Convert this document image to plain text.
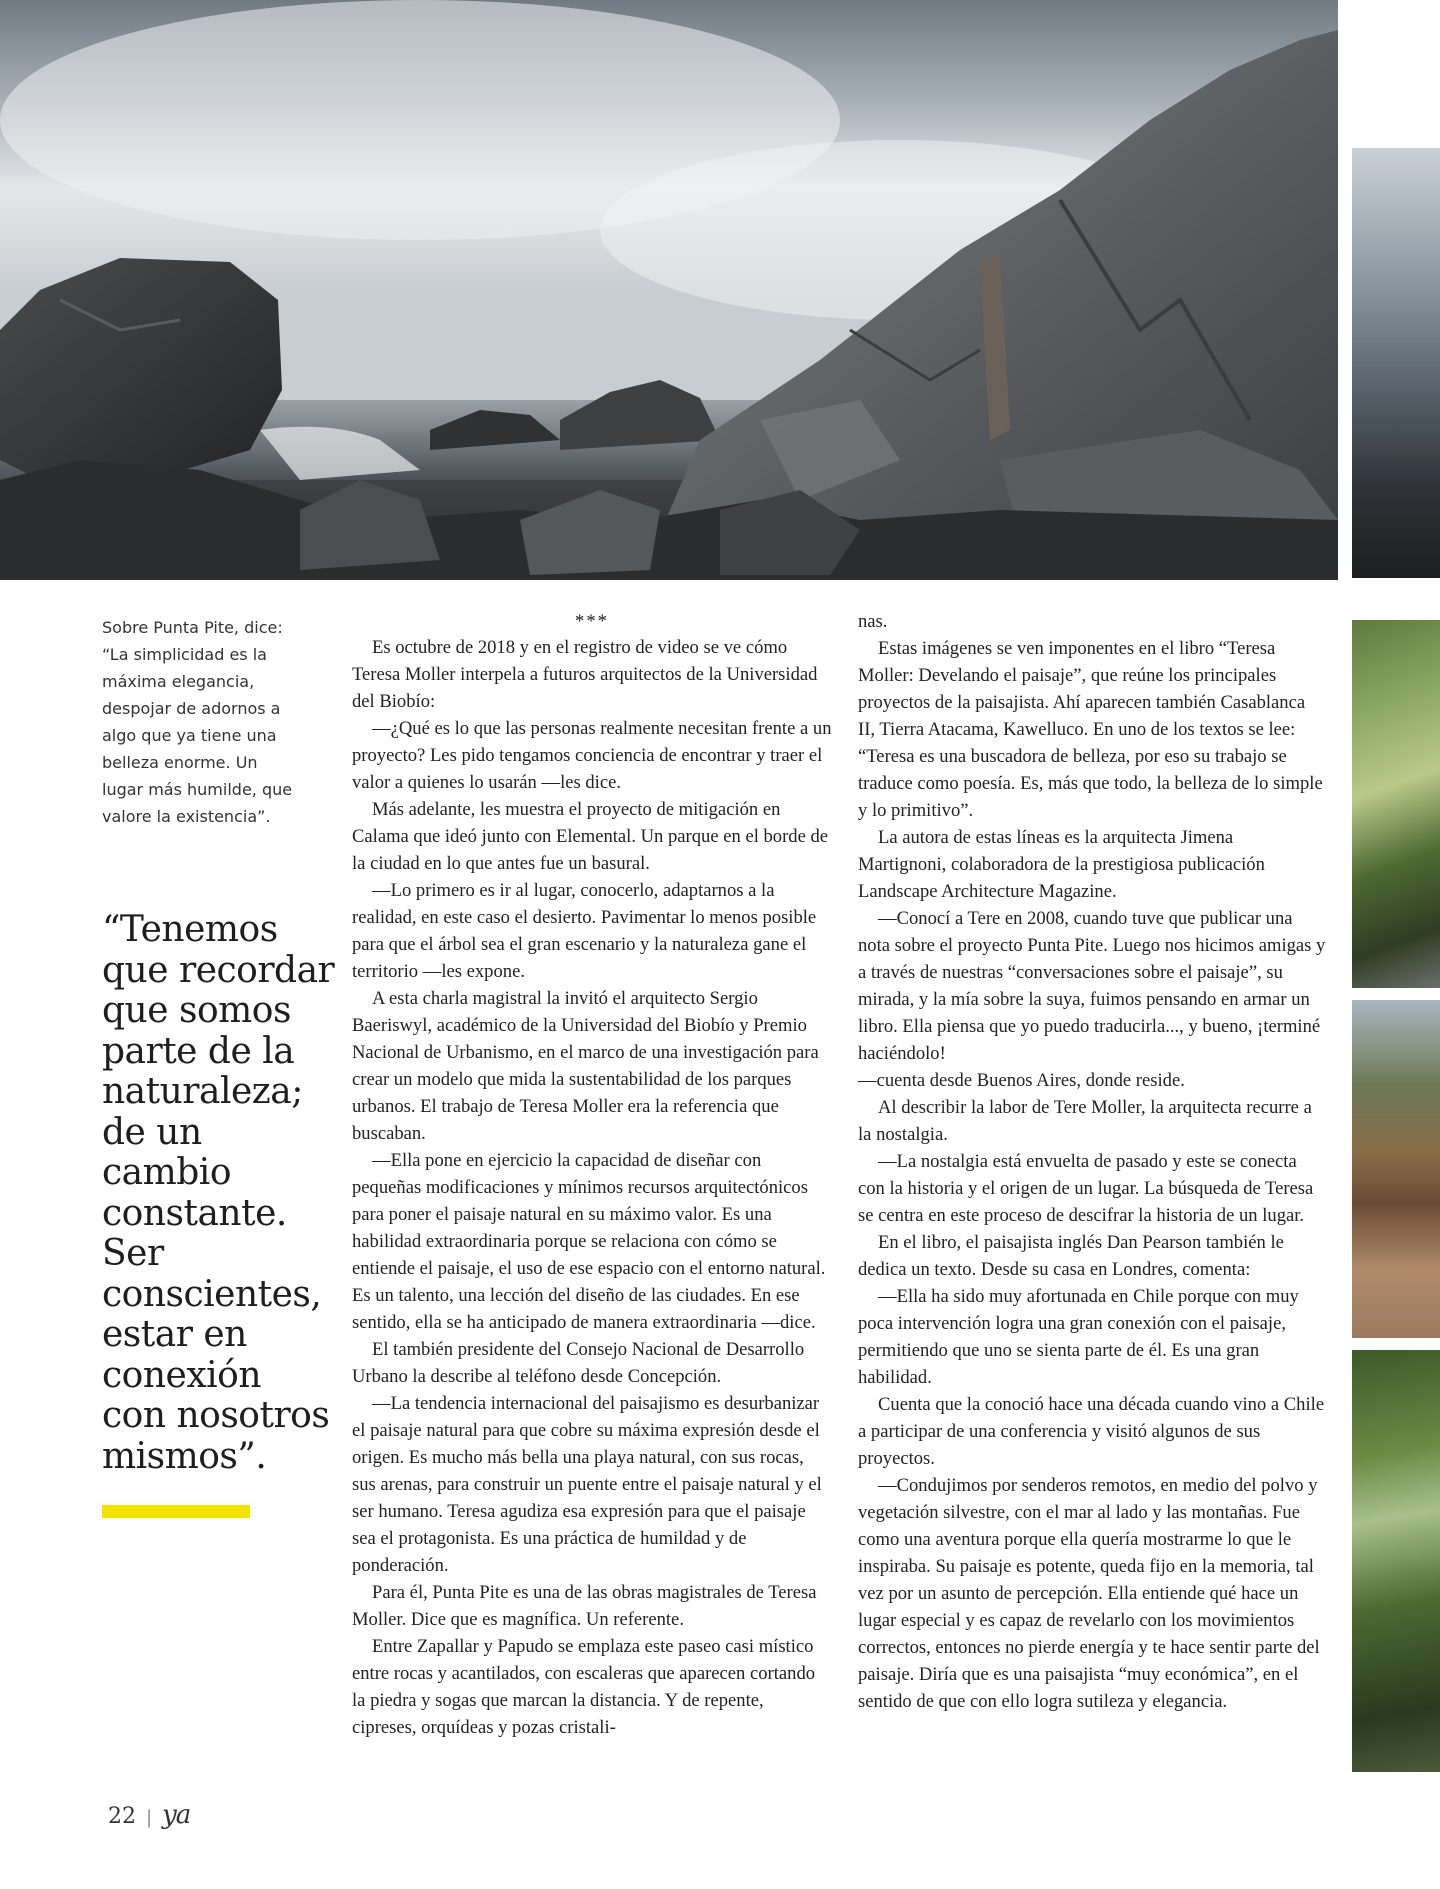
Sobre Punta Pite, dice:
“La simplicidad es la
máxima elegancia,
despojar de adornos a
algo que ya tiene una
belleza enorme. Un
lugar más humilde, que
valore la existencia”.
“Tenemos
que recordar
que somos
parte de la
naturaleza;
de un
cambio
constante.
Ser
conscientes,
estar en
conexión
con nosotros
mismos”.

***

Es octubre de 2018 y en el registro de video se ve cómo Teresa Moller interpela a futuros arquitectos de la Universidad del Biobío:

—¿Qué es lo que las personas realmente necesitan frente a un proyecto? Les pido tengamos conciencia de encontrar y traer el valor a quienes lo usarán —les dice.

Más adelante, les muestra el proyecto de mitigación en Calama que ideó junto con Elemental. Un parque en el borde de la ciudad en lo que antes fue un basural.

—Lo primero es ir al lugar, conocerlo, adaptarnos a la realidad, en este caso el desierto. Pavimentar lo menos posible para que el árbol sea el gran escenario y la naturaleza gane el territorio —les expone.

A esta charla magistral la invitó el arquitecto Sergio Baeriswyl, académico de la Universidad del Biobío y Premio Nacional de Urbanismo, en el marco de una investigación para crear un modelo que mida la sustentabilidad de los parques urbanos. El trabajo de Teresa Moller era la referencia que buscaban.

—Ella pone en ejercicio la capacidad de diseñar con pequeñas modificaciones y mínimos recursos arquitectónicos para poner el paisaje natural en su máximo valor. Es una habilidad extraordinaria porque se relaciona con cómo se entiende el paisaje, el uso de ese espacio con el entorno natural. Es un talento, una lección del diseño de las ciudades. En ese sentido, ella se ha anticipado de manera extraordinaria —dice.

El también presidente del Consejo Nacional de Desarrollo Urbano la describe al teléfono desde Concepción.

—La tendencia internacional del paisajismo es desurbanizar el paisaje natural para que cobre su máxima expresión desde el origen. Es mucho más bella una playa natural, con sus rocas, sus arenas, para construir un puente entre el paisaje natural y el ser humano. Teresa agudiza esa expresión para que el paisaje sea el protagonista. Es una práctica de humildad y de ponderación.

Para él, Punta Pite es una de las obras magistrales de Teresa Moller. Dice que es magnífica. Un referente.

Entre Zapallar y Papudo se emplaza este paseo casi místico entre rocas y acantilados, con escaleras que aparecen cortando la piedra y sogas que marcan la distancia. Y de repente, cipreses, orquídeas y pozas cristali-

nas.

Estas imágenes se ven imponentes en el libro “Teresa Moller: Develando el paisaje”, que reúne los principales proyectos de la paisajista. Ahí aparecen también Casablanca II, Tierra Atacama, Kawelluco. En uno de los textos se lee: “Teresa es una buscadora de belleza, por eso su trabajo se traduce como poesía. Es, más que todo, la belleza de lo simple y lo primitivo”.

La autora de estas líneas es la arquitecta Jimena Martignoni, colaboradora de la prestigiosa publicación Landscape Architecture Magazine.

—Conocí a Tere en 2008, cuando tuve que publicar una nota sobre el proyecto Punta Pite. Luego nos hicimos amigas y a través de nuestras “conversaciones sobre el paisaje”, su mirada, y la mía sobre la suya, fuimos pensando en armar un libro. Ella piensa que yo puedo traducirla..., y bueno, ¡terminé haciéndolo!

—cuenta desde Buenos Aires, donde reside.

Al describir la labor de Tere Moller, la arquitecta recurre a la nostalgia.

—La nostalgia está envuelta de pasado y este se conecta con la historia y el origen de un lugar. La búsqueda de Teresa se centra en este proceso de descifrar la historia de un lugar.

En el libro, el paisajista inglés Dan Pearson también le dedica un texto. Desde su casa en Londres, comenta:

—Ella ha sido muy afortunada en Chile porque con muy poca intervención logra una gran conexión con el paisaje, permitiendo que uno se sienta parte de él. Es una gran habilidad.

Cuenta que la conoció hace una década cuando vino a Chile a participar de una conferencia y visitó algunos de sus proyectos.

—Condujimos por senderos remotos, en medio del polvo y vegetación silvestre, con el mar al lado y las montañas. Fue como una aventura porque ella quería mostrarme lo que le inspiraba. Su paisaje es potente, queda fijo en la memoria, tal vez por un asunto de percepción. Ella entiende qué hace un lugar especial y es capaz de revelarlo con los movimientos correctos, entonces no pierde energía y te hace sentir parte del paisaje. Diría que es una paisajista “muy económica”, en el sentido de que con ello logra sutileza y elegancia.

22 | ya
